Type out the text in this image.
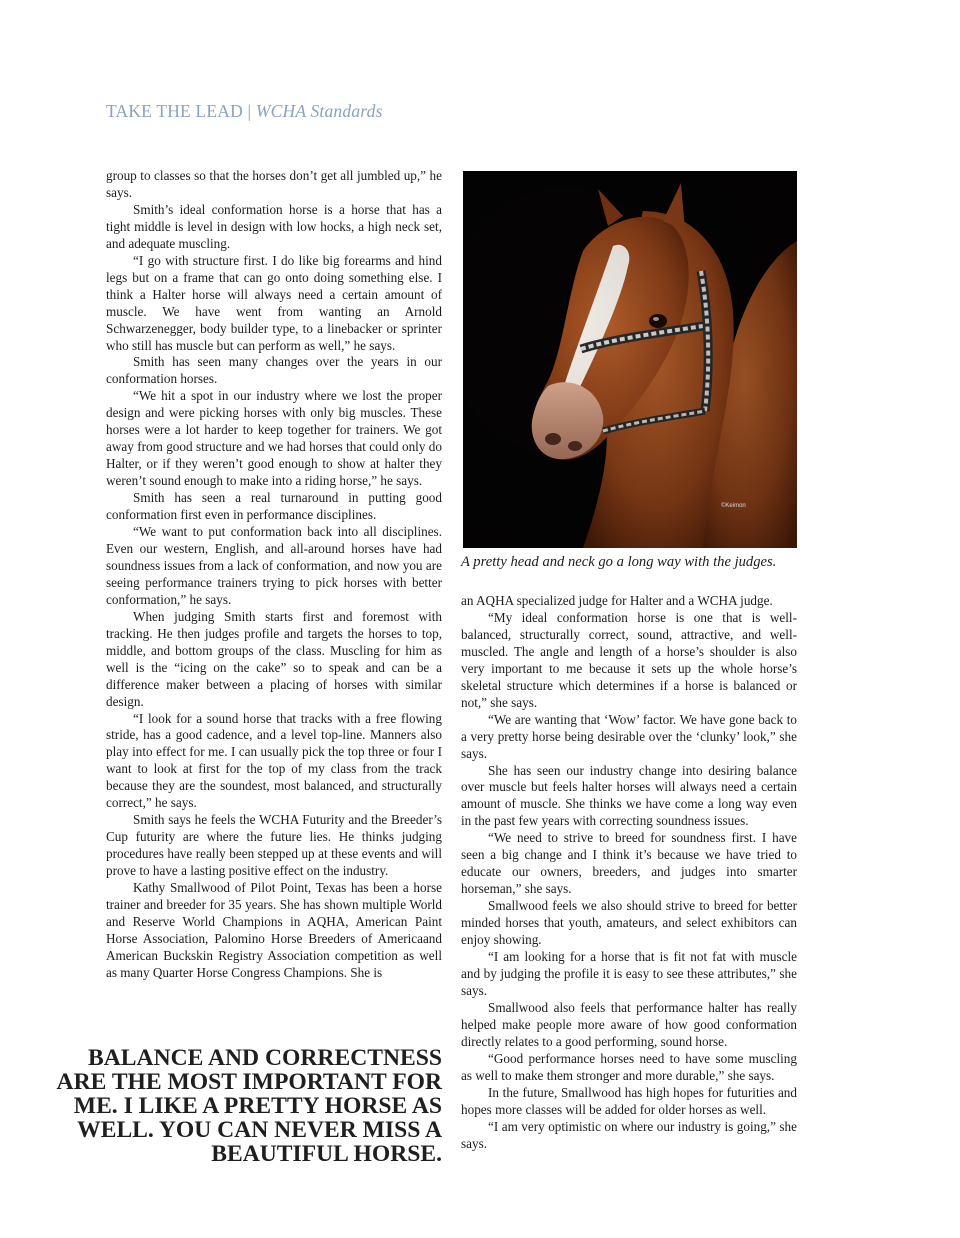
TAKE THE LEAD | WCHA Standards

group to classes so that the horses don’t get all jumbled up,” he says.

Smith’s ideal conformation horse is a horse that has a tight middle is level in design with low hocks, a high neck set, and adequate muscling.

“I go with structure first. I do like big forearms and hind legs but on a frame that can go onto doing something else. I think a Halter horse will always need a certain amount of muscle. We have went from wanting an Arnold Schwarzenegger, body builder type, to a linebacker or sprinter who still has muscle but can perform as well,” he says.

Smith has seen many changes over the years in our conformation horses.

“We hit a spot in our industry where we lost the proper design and were picking horses with only big muscles. These horses were a lot harder to keep together for trainers. We got away from good structure and we had horses that could only do Halter, or if they weren’t good enough to show at halter they weren’t sound enough to make into a riding horse,” he says.

Smith has seen a real turnaround in putting good conformation first even in performance disciplines.

“We want to put conformation back into all disciplines. Even our western, English, and all-around horses have had soundness issues from a lack of conformation, and now you are seeing performance trainers trying to pick horses with better conformation,” he says.

When judging Smith starts first and foremost with tracking. He then judges profile and targets the horses to top, middle, and bottom groups of the class. Muscling for him as well is the “icing on the cake” so to speak and can be a difference maker between a placing of horses with similar design.

“I look for a sound horse that tracks with a free flowing stride, has a good cadence, and a level top-line. Manners also play into effect for me. I can usually pick the top three or four I want to look at first for the top of my class from the track because they are the soundest, most balanced, and structurally correct,” he says.

Smith says he feels the WCHA Futurity and the Breeder’s Cup futurity are where the future lies. He thinks judging procedures have really been stepped up at these events and will prove to have a lasting positive effect on the industry.

Kathy Smallwood of Pilot Point, Texas has been a horse trainer and breeder for 35 years. She has shown multiple World and Reserve World Champions in AQHA, American Paint Horse Association, Palomino Horse Breeders of Americaand American Buckskin Registry Association competition as well as many Quarter Horse Congress Champions. She is

©Keimon
A pretty head and neck go a long way with the judges.

an AQHA specialized judge for Halter and a WCHA judge.

“My ideal conformation horse is one that is well-balanced, structurally correct, sound, attractive, and well-muscled. The angle and length of a horse’s shoulder is also very important to me because it sets up the whole horse’s skeletal structure which determines if a horse is balanced or not,” she says.

“We are wanting that ‘Wow’ factor. We have gone back to a very pretty horse being desirable over the ‘clunky’ look,” she says.

She has seen our industry change into desiring balance over muscle but feels halter horses will always need a certain amount of muscle. She thinks we have come a long way even in the past few years with correcting soundness issues.

“We need to strive to breed for soundness first. I have seen a big change and I think it’s because we have tried to educate our owners, breeders, and judges into smarter horseman,” she says.

Smallwood feels we also should strive to breed for better minded horses that youth, amateurs, and select exhibitors can enjoy showing.

“I am looking for a horse that is fit not fat with muscle and by judging the profile it is easy to see these attributes,” she says.

Smallwood also feels that performance halter has really helped make people more aware of how good conformation directly relates to a good performing, sound horse.

“Good performance horses need to have some muscling as well to make them stronger and more durable,” she says.

In the future, Smallwood has high hopes for futurities and hopes more classes will be added for older horses as well.

“I am very optimistic on where our industry is going,” she says.

BALANCE AND CORRECTNESS ARE THE MOST IMPORTANT FOR ME. I LIKE A PRETTY HORSE AS WELL. YOU CAN NEVER MISS A BEAUTIFUL HORSE.
